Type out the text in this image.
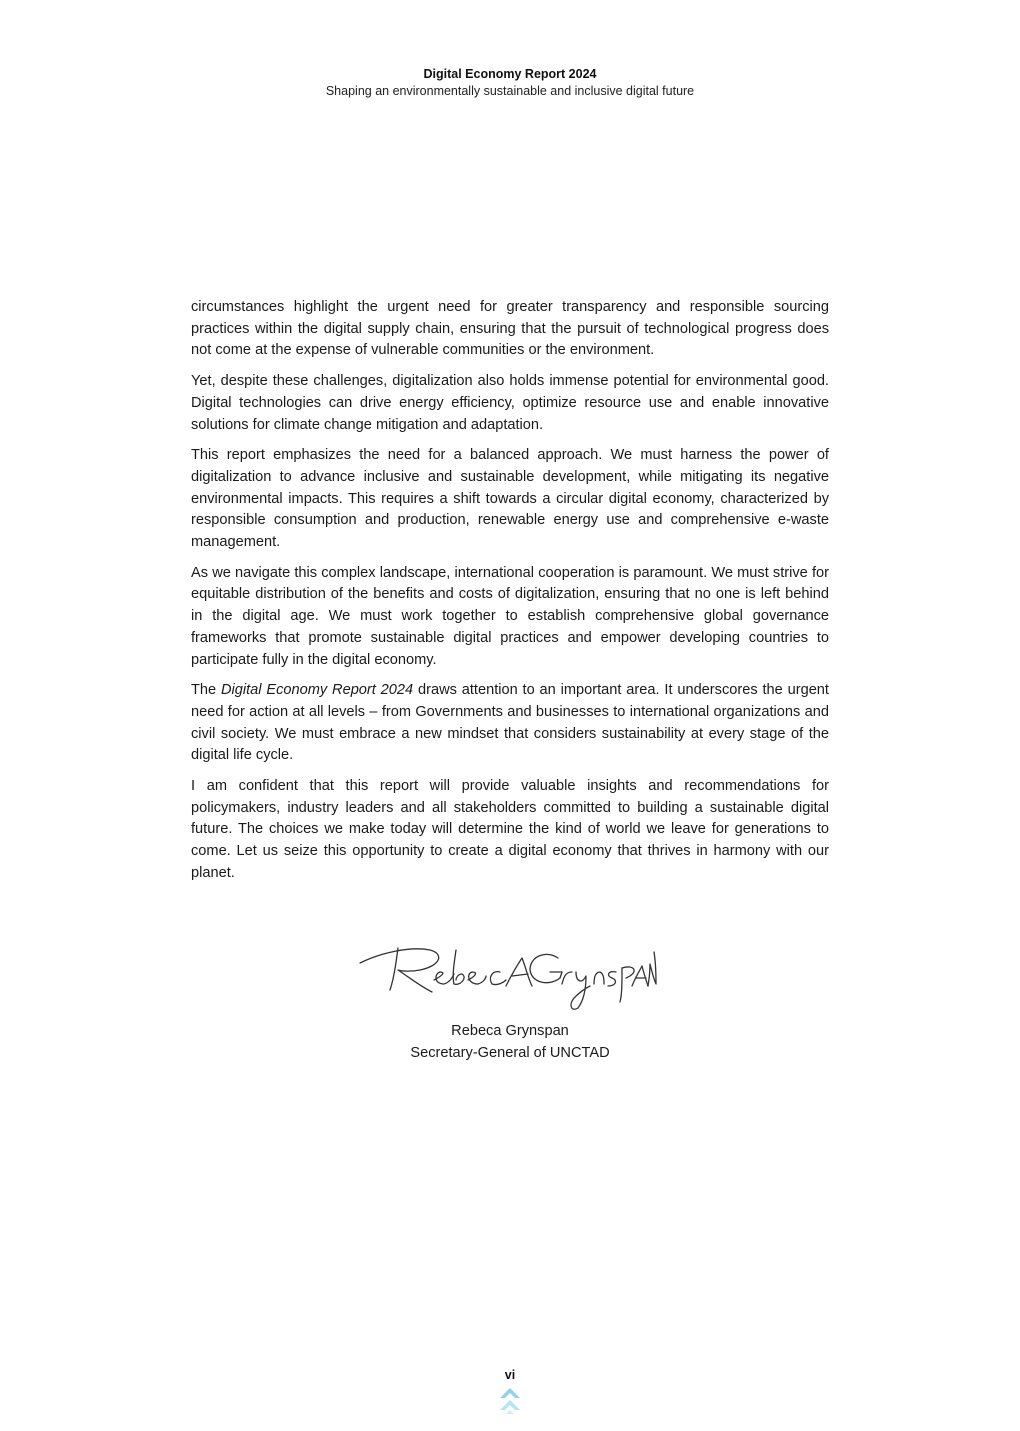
Digital Economy Report 2024
Shaping an environmentally sustainable and inclusive digital future

circumstances highlight the urgent need for greater transparency and responsible sourcing practices within the digital supply chain, ensuring that the pursuit of technological progress does not come at the expense of vulnerable communities or the environment.

Yet, despite these challenges, digitalization also holds immense potential for environmental good. Digital technologies can drive energy efficiency, optimize resource use and enable innovative solutions for climate change mitigation and adaptation.

This report emphasizes the need for a balanced approach. We must harness the power of digitalization to advance inclusive and sustainable development, while mitigating its negative environmental impacts. This requires a shift towards a circular digital economy, characterized by responsible consumption and production, renewable energy use and comprehensive e-waste management.

As we navigate this complex landscape, international cooperation is paramount. We must strive for equitable distribution of the benefits and costs of digitalization, ensuring that no one is left behind in the digital age. We must work together to establish comprehensive global governance frameworks that promote sustainable digital practices and empower developing countries to participate fully in the digital economy.

The Digital Economy Report 2024 draws attention to an important area. It underscores the urgent need for action at all levels – from Governments and businesses to international organizations and civil society. We must embrace a new mindset that considers sustainability at every stage of the digital life cycle.

I am confident that this report will provide valuable insights and recommendations for policymakers, industry leaders and all stakeholders committed to building a sustainable digital future. The choices we make today will determine the kind of world we leave for generations to come. Let us seize this opportunity to create a digital economy that thrives in harmony with our planet.

Rebeca Grynspan
Secretary-General of UNCTAD
vi
